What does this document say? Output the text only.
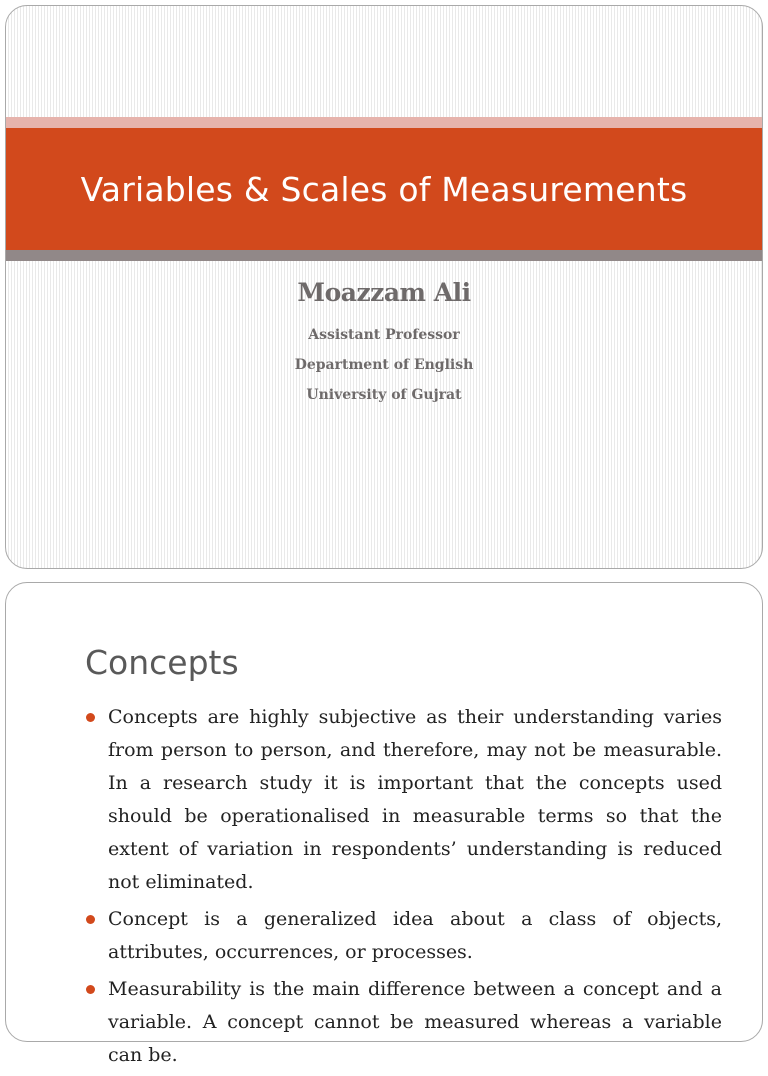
Variables & Scales of Measurements
Moazzam Ali
Assistant Professor
Department of English
University of Gujrat
Concepts
Concepts are highly subjective as their understanding varies from person to person, and therefore, may not be measurable. In a research study it is important that the concepts used should be operationalised in measurable terms so that the extent of variation in respondents’ understanding is reduced not eliminated.
Concept is a generalized idea about a class of objects, attributes, occurrences, or processes.
Measurability is the main difference between a concept and a variable. A concept cannot be measured whereas a variable can be.
